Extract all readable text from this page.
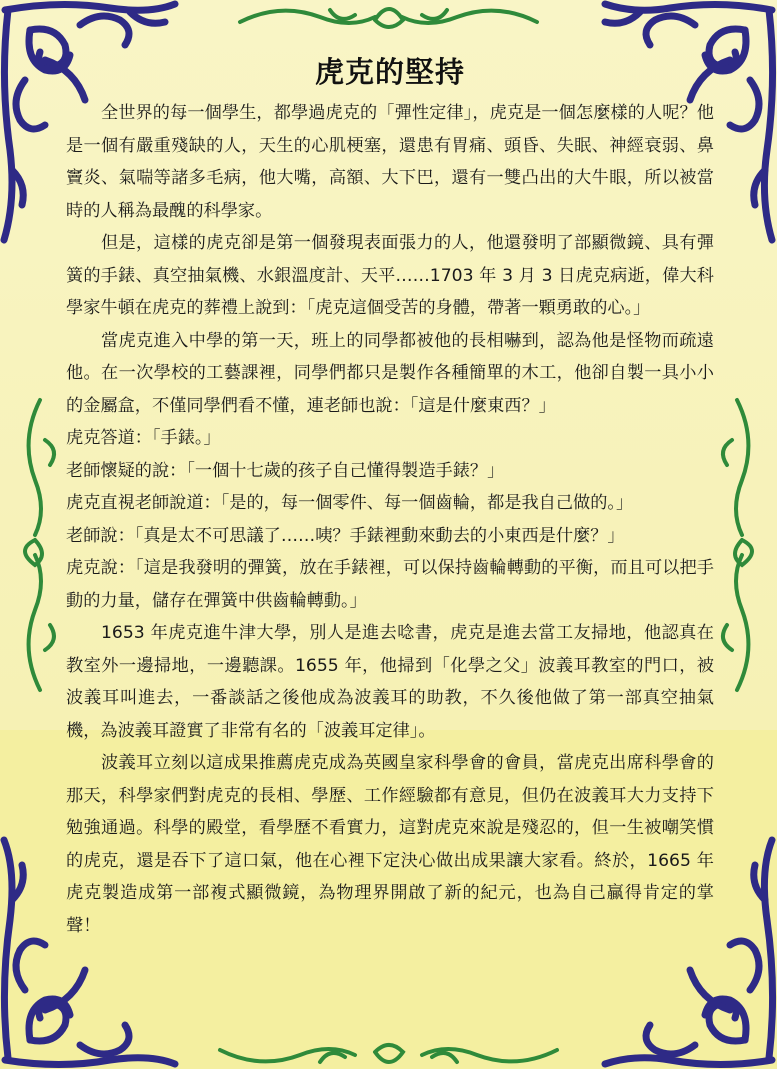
虎克的堅持

全世界的每一個學生，都學過虎克的「彈性定律」，虎克是一個怎麼樣的人呢？他是一個有嚴重殘缺的人，天生的心肌梗塞，還患有胃痛、頭昏、失眠、神經衰弱、鼻竇炎、氣喘等諸多毛病，他大嘴，高額、大下巴，還有一雙凸出的大牛眼，所以被當時的人稱為最醜的科學家。

但是，這樣的虎克卻是第一個發現表面張力的人，他還發明了部顯微鏡、具有彈簧的手錶、真空抽氣機、水銀溫度計、天平……1703 年 3 月 3 日虎克病逝，偉大科學家牛頓在虎克的葬禮上說到：「虎克這個受苦的身體，帶著一顆勇敢的心。」

當虎克進入中學的第一天，班上的同學都被他的長相嚇到，認為他是怪物而疏遠他。在一次學校的工藝課裡，同學們都只是製作各種簡單的木工，他卻自製一具小小的金屬盒，不僅同學們看不懂，連老師也說：「這是什麼東西？」

虎克答道：「手錶。」

老師懷疑的說：「一個十七歲的孩子自己懂得製造手錶？」

虎克直視老師說道：「是的，每一個零件、每一個齒輪，都是我自己做的。」

老師說：「真是太不可思議了……咦？手錶裡動來動去的小東西是什麼？」

虎克說：「這是我發明的彈簧，放在手錶裡，可以保持齒輪轉動的平衡，而且可以把手動的力量，儲存在彈簧中供齒輪轉動。」

1653 年虎克進牛津大學，別人是進去唸書，虎克是進去當工友掃地，他認真在教室外一邊掃地，一邊聽課。1655 年，他掃到「化學之父」波義耳教室的門口，被波義耳叫進去，一番談話之後他成為波義耳的助教，不久後他做了第一部真空抽氣機，為波義耳證實了非常有名的「波義耳定律」。

波義耳立刻以這成果推薦虎克成為英國皇家科學會的會員，當虎克出席科學會的那天，科學家們對虎克的長相、學歷、工作經驗都有意見，但仍在波義耳大力支持下勉強通過。科學的殿堂，看學歷不看實力，這對虎克來說是殘忍的，但一生被嘲笑慣的虎克，還是吞下了這口氣，他在心裡下定決心做出成果讓大家看。終於，1665 年虎克製造成第一部複式顯微鏡，為物理界開啟了新的紀元，也為自己贏得肯定的掌聲！
